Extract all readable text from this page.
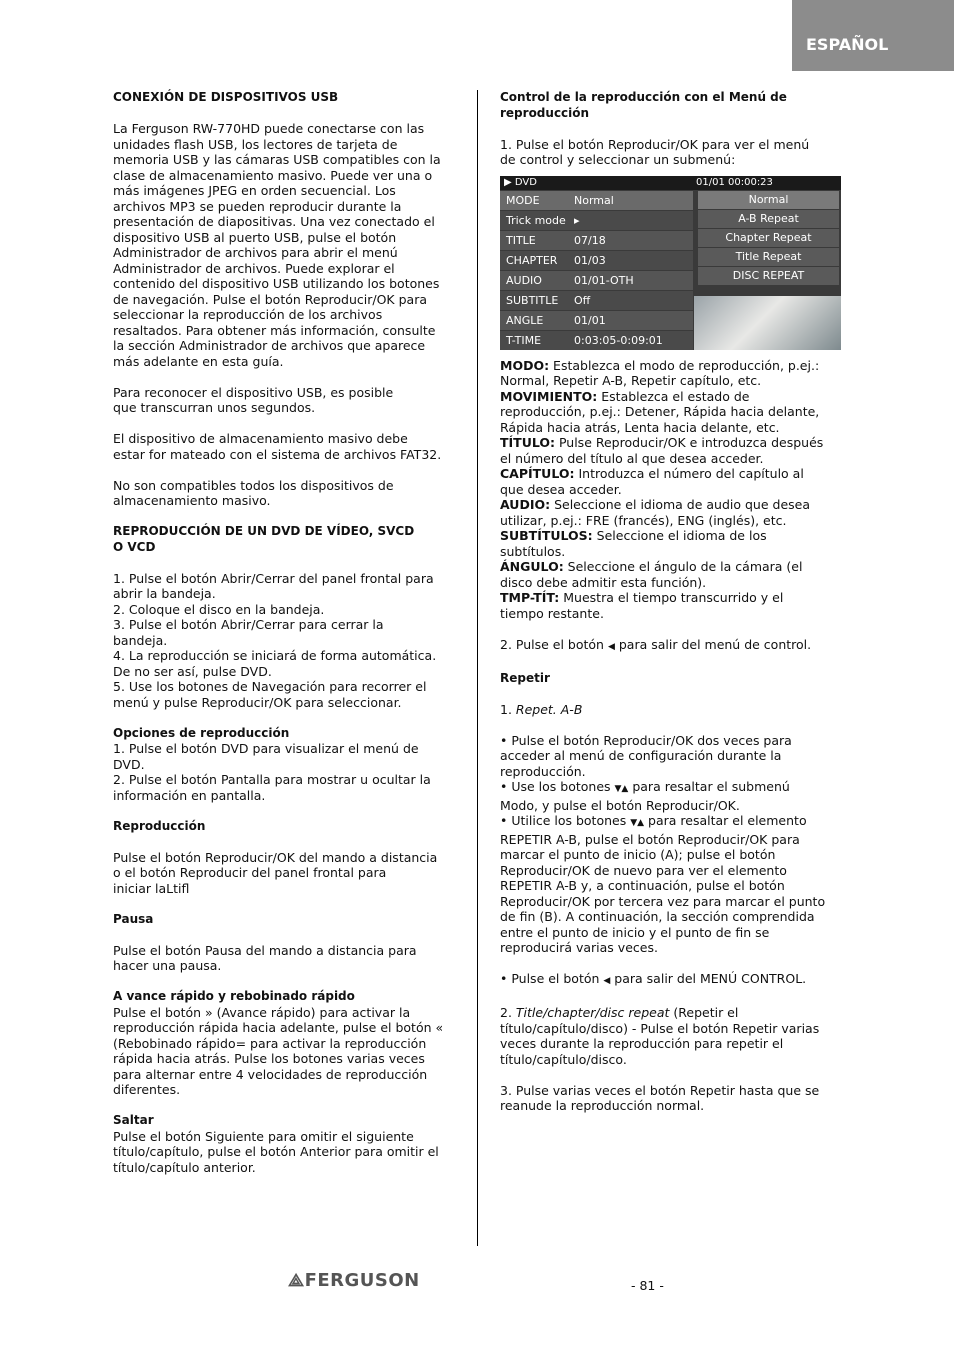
ESPAÑOL

CONEXIÓN DE DISPOSITIVOS USB

La Ferguson RW-770HD puede conectarse con las
unidades flash USB, los lectores de tarjeta de
memoria USB y las cámaras USB compatibles con la
clase de almacenamiento masivo. Puede ver una o
más imágenes JPEG en orden secuencial. Los
archivos MP3 se pueden reproducir durante la
presentación de diapositivas. Una vez conectado el
dispositivo USB al puerto USB, pulse el botón
Administrador de archivos para abrir el menú
Administrador de archivos. Puede explorar el
contenido del dispositivo USB utilizando los botones
de navegación. Pulse el botón Reproducir/OK para
seleccionar la reproducción de los archivos
resaltados. Para obtener más información, consulte
la sección Administrador de archivos que aparece
más adelante en esta guía.
Para reconocer el dispositivo USB, es posible
que transcurran unos segundos.
El dispositivo de almacenamiento masivo debe
estar for mateado con el sistema de archivos FAT32.
No son compatibles todos los dispositivos de
almacenamiento masivo.
REPRODUCCIÓN DE UN DVD DE VÍDEO, SVCD
O VCD
1. Pulse el botón Abrir/Cerrar del panel frontal para
abrir la bandeja.
2. Coloque el disco en la bandeja.
3. Pulse el botón Abrir/Cerrar para cerrar la
bandeja.
4. La reproducción se iniciará de forma automática.
De no ser así, pulse DVD.
5. Use los botones de Navegación para recorrer el
menú y pulse Reproducir/OK para seleccionar.

Opciones de reproducción

1. Pulse el botón DVD para visualizar el menú de
DVD.
2. Pulse el botón Pantalla para mostrar u ocultar la
información en pantalla.

Reproducción

Pulse el botón Reproducir/OK del mando a distancia
o el botón Reproducir del panel frontal para
iniciar laLtifl

Pausa

Pulse el botón Pausa del mando a distancia para
hacer una pausa.

A vance rápido y rebobinado rápido

Pulse el botón » (Avance rápido) para activar la
reproducción rápida hacia adelante, pulse el botón «
(Rebobinado rápido= para activar la reproducción
rápida hacia atrás. Pulse los botones varias veces
para alternar entre 4 velocidades de reproducción
diferentes.

Saltar

Pulse el botón Siguiente para omitir el siguiente
título/capítulo, pulse el botón Anterior para omitir el
título/capítulo anterior.
Control de la reproducción con el Menú de
reproducción
1. Pulse el botón Reproducir/OK para ver el menú
de control y seleccionar un submenú:
▶ DVD	01/01 00:00:23
MODE	Normal
Trick mode ▸
TITLE	07/18
CHAPTER	01/03
AUDIO	01/01-OTH
SUBTITLE	Off
ANGLE	01/01
T-TIME	0:03:05-0:09:01
Normal
A-B Repeat
Chapter Repeat
Title Repeat
DISC REPEAT
MODO: Establezca el modo de reproducción, p.ej.:
Normal, Repetir A-B, Repetir capítulo, etc.
MOVIMIENTO: Establezca el estado de
reproducción, p.ej.: Detener, Rápida hacia delante,
Rápida hacia atrás, Lenta hacia delante, etc.
TÍTULO: Pulse Reproducir/OK e introduzca después
el número del título al que desea acceder.
CAPÍTULO: Introduzca el número del capítulo al
que desea acceder.
AUDIO: Seleccione el idioma de audio que desea
utilizar, p.ej.: FRE (francés), ENG (inglés), etc.
SUBTÍTULOS: Seleccione el idioma de los
subtítulos.
ÁNGULO: Seleccione el ángulo de la cámara (el
disco debe admitir esta función).
TMP-TÍT: Muestra el tiempo transcurrido y el
tiempo restante.

2. Pulse el botón ◀ para salir del menú de control.

Repetir

1. Repet. A-B

• Pulse el botón Reproducir/OK dos veces para
acceder al menú de configuración durante la
reproducción.

• Use los botones ▼▲ para resaltar el submenú

Modo, y pulse el botón Reproducir/OK.

• Utilice los botones ▼▲ para resaltar el elemento

REPETIR A-B, pulse el botón Reproducir/OK para
marcar el punto de inicio (A); pulse el botón
Reproducir/OK de nuevo para ver el elemento
REPETIR A-B y, a continuación, pulse el botón
Reproducir/OK por tercera vez para marcar el punto
de fin (B). A continuación, la sección comprendida
entre el punto de inicio y el punto de fin se
reproducirá varias veces.

• Pulse el botón ◀ para salir del MENÚ CONTROL.

2. Title/chapter/disc repeat (Repetir el

título/capítulo/disco) - Pulse el botón Repetir varias
veces durante la reproducción para repetir el
título/capítulo/disco.
3. Pulse varias veces el botón Repetir hasta que se
reanude la reproducción normal.
⟁FERGUSON	- 81 -
